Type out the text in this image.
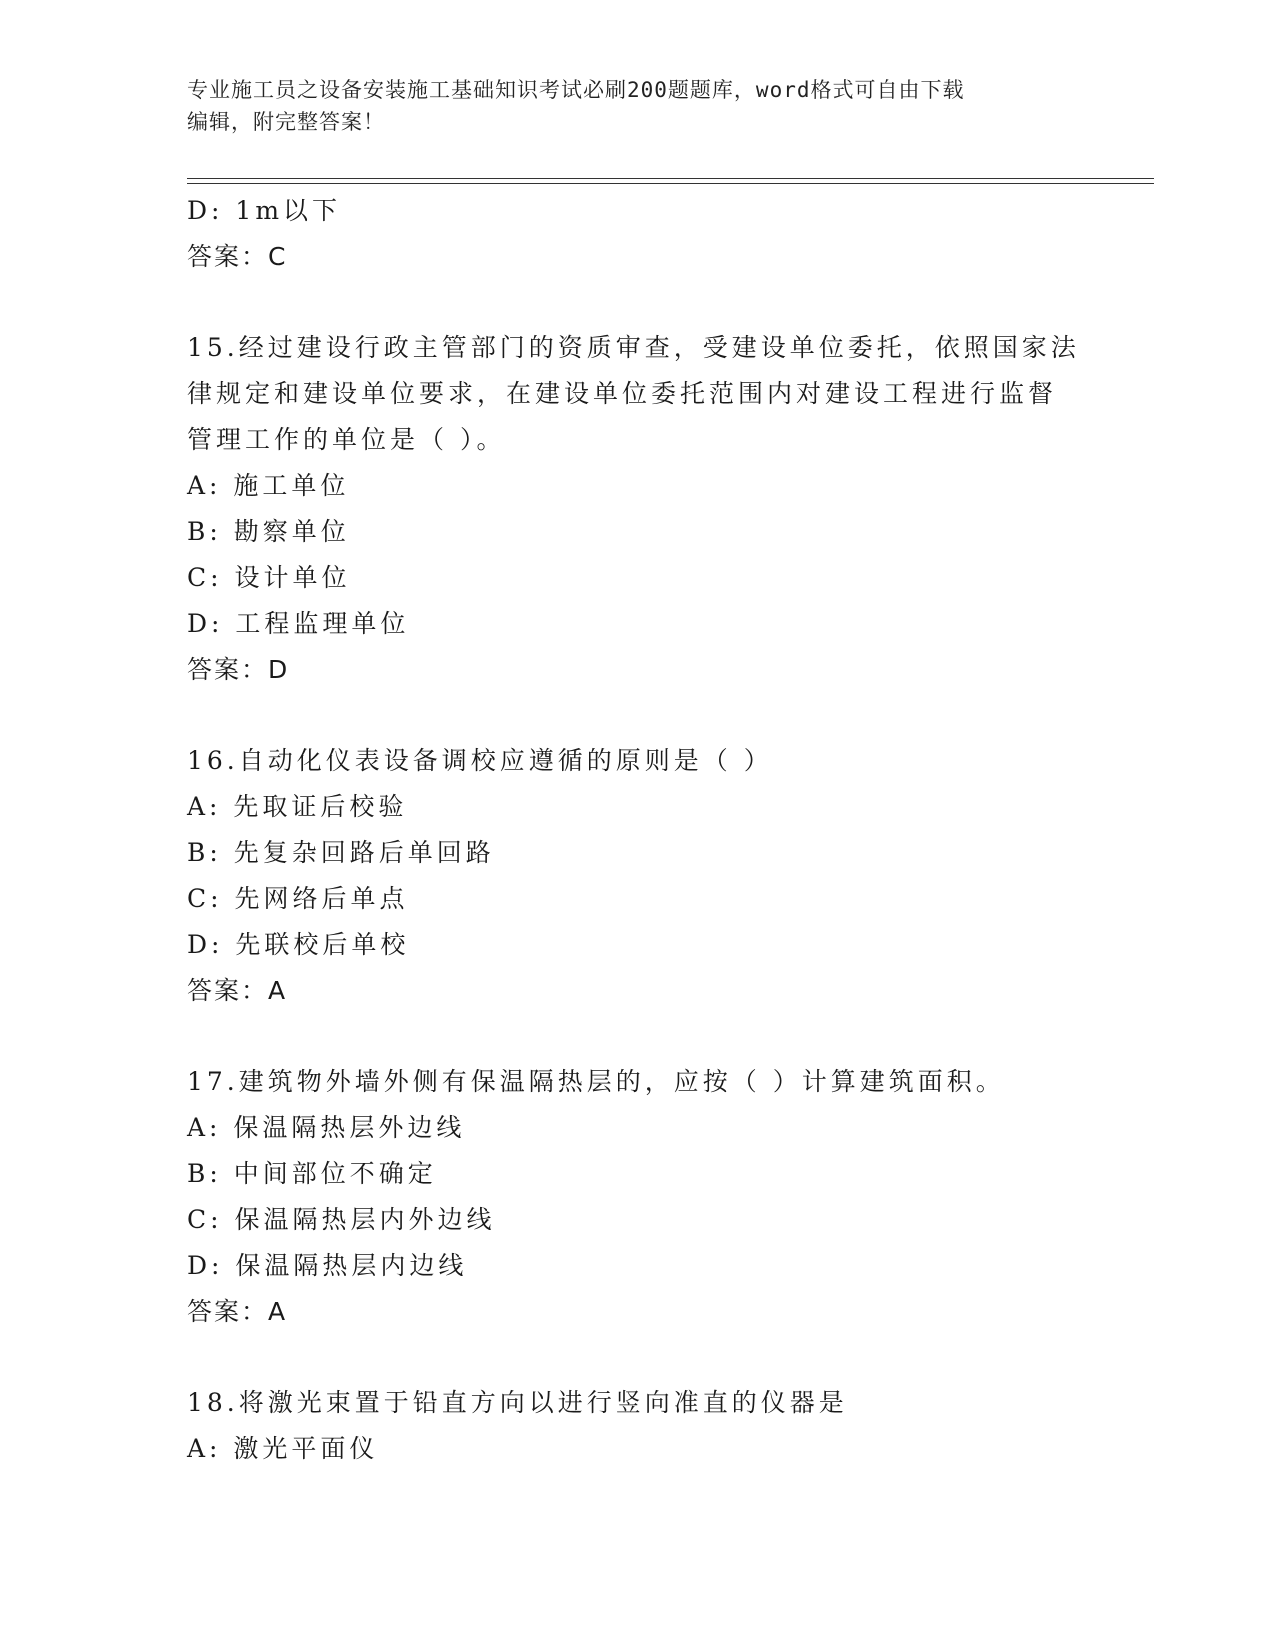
专业施工员之设备安装施工基础知识考试必刷200题题库，word格式可自由下载
编辑，附完整答案！
D: 1m以下
答案：C
15.经过建设行政主管部门的资质审查，受建设单位委托，依照国家法
律规定和建设单位要求，在建设单位委托范围内对建设工程进行监督
管理工作的单位是（ ）。
A: 施工单位
B: 勘察单位
C: 设计单位
D: 工程监理单位
答案：D
16.自动化仪表设备调校应遵循的原则是（ ）
A: 先取证后校验
B: 先复杂回路后单回路
C: 先网络后单点
D: 先联校后单校
答案：A
17.建筑物外墙外侧有保温隔热层的，应按（ ）计算建筑面积。
A: 保温隔热层外边线
B: 中间部位不确定
C: 保温隔热层内外边线
D: 保温隔热层内边线
答案：A
18.将激光束置于铅直方向以进行竖向准直的仪器是
A: 激光平面仪
